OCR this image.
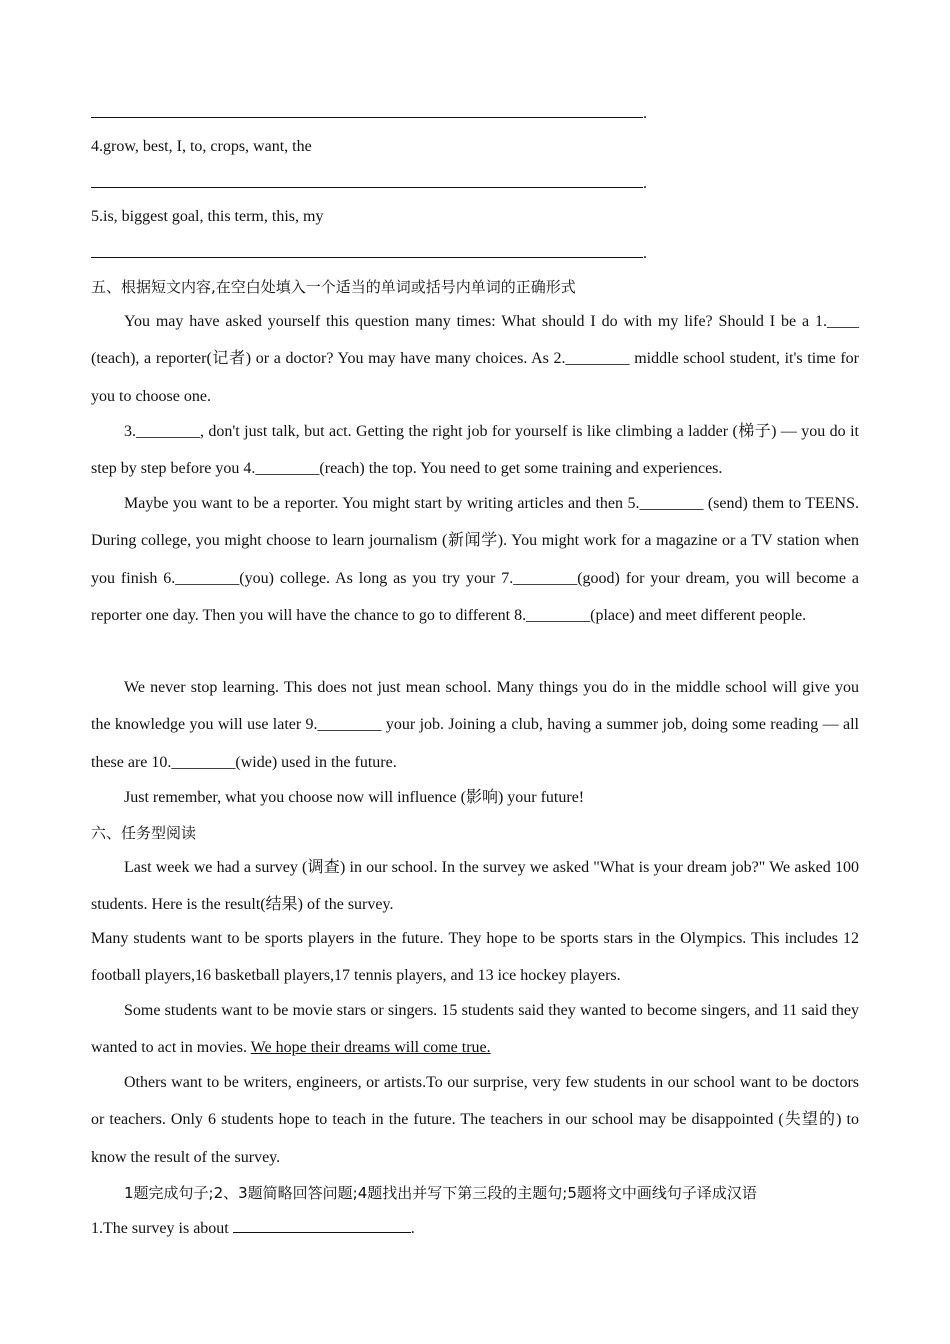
.
4.grow, best, I, to, crops, want, the
.
5.is, biggest goal, this term, this, my
.
五、根据短文内容,在空白处填入一个适当的单词或括号内单词的正确形式
You may have asked yourself this question many times: What should I do with my life? Should I be a 1.____ (teach), a reporter(记者) or a doctor? You may have many choices. As 2.________ middle school student, it's time for you to choose one.
3.________, don't just talk, but act. Getting the right job for yourself is like climbing a ladder (梯子) — you do it step by step before you 4.________(reach) the top. You need to get some training and experiences.
Maybe you want to be a reporter. You might start by writing articles and then 5.________ (send) them to TEENS. During college, you might choose to learn journalism (新闻学). You might work for a magazine or a TV station when you finish 6.________(you) college. As long as you try your 7.________(good) for your dream, you will become a reporter one day. Then you will have the chance to go to different 8.________(place) and meet different people.
We never stop learning. This does not just mean school. Many things you do in the middle school will give you the knowledge you will use later 9.________ your job. Joining a club, having a summer job, doing some reading — all these are 10.________(wide) used in the future.
Just remember, what you choose now will influence (影响) your future!
六、任务型阅读
Last week we had a survey (调查) in our school. In the survey we asked "What is your dream job?" We asked 100 students. Here is the result(结果) of the survey.
Many students want to be sports players in the future. They hope to be sports stars in the Olympics. This includes 12 football players,16 basketball players,17 tennis players, and 13 ice hockey players.
Some students want to be movie stars or singers. 15 students said they wanted to become singers, and 11 said they wanted to act in movies. We hope their dreams will come true.
Others want to be writers, engineers, or artists.To our surprise, very few students in our school want to be doctors or teachers. Only 6 students hope to teach in the future. The teachers in our school may be disappointed (失望的) to know the result of the survey.
1题完成句子;2、3题简略回答问题;4题找出并写下第三段的主题句;5题将文中画线句子译成汉语
1.The survey is about	.
